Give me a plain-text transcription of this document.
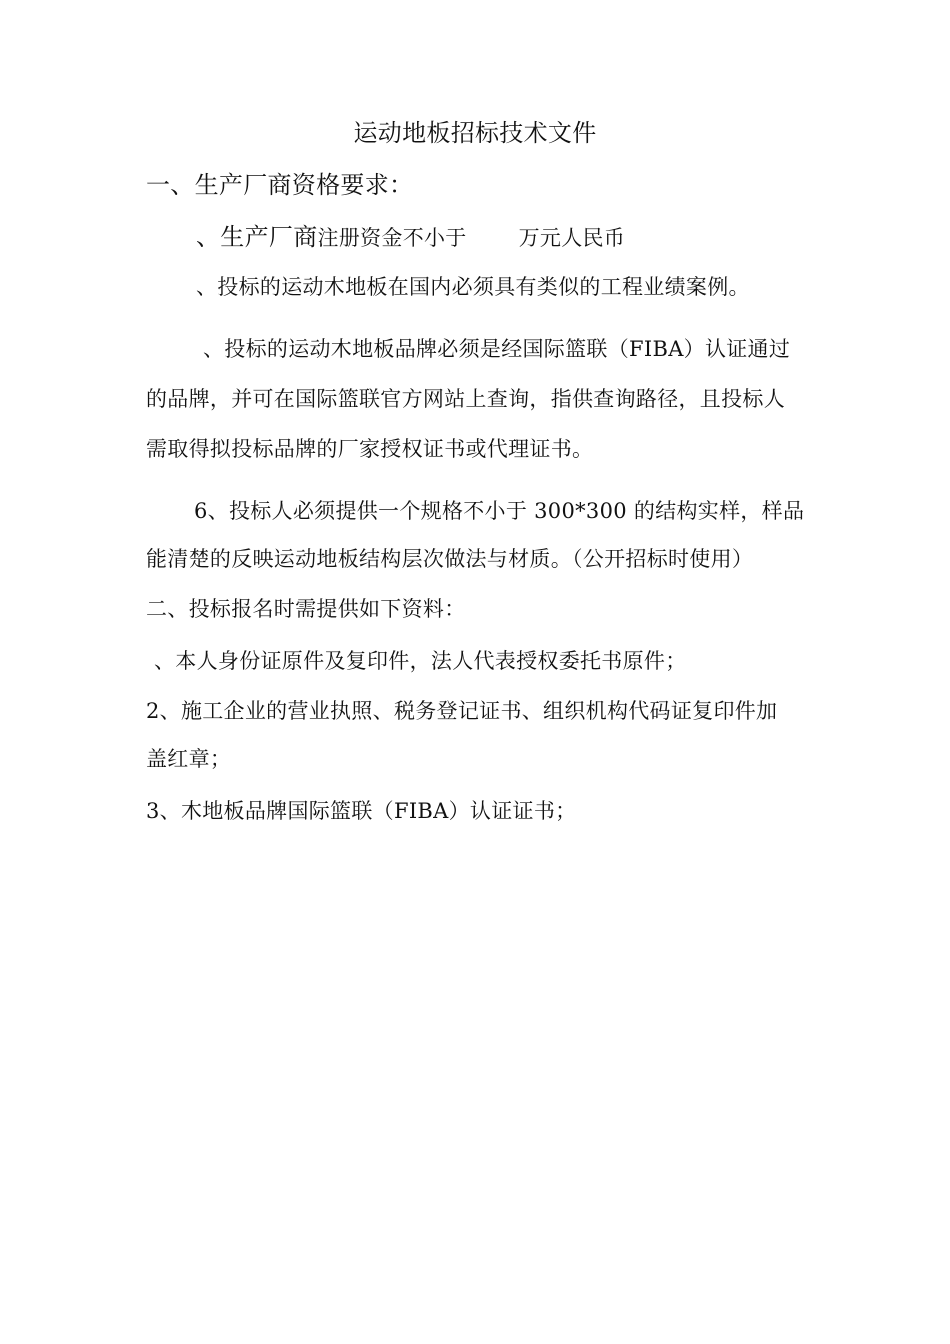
运动地板招标技术文件
一、生产厂商资格要求：
、生产厂商注册资金不小于 万元人民币
、投标的运动木地板在国内必须具有类似的工程业绩案例。
、投标的运动木地板品牌必须是经国际篮联（FIBA）认证通过
的品牌，并可在国际篮联官方网站上查询，指供查询路径，且投标人
需取得拟投标品牌的厂家授权证书或代理证书。
6、投标人必须提供一个规格不小于 300*300 的结构实样，样品
能清楚的反映运动地板结构层次做法与材质。（公开招标时使用）
二、投标报名时需提供如下资料：
、本人身份证原件及复印件，法人代表授权委托书原件；
2、施工企业的营业执照、税务登记证书、组织机构代码证复印件加
盖红章；
3、木地板品牌国际篮联（FIBA）认证证书；
